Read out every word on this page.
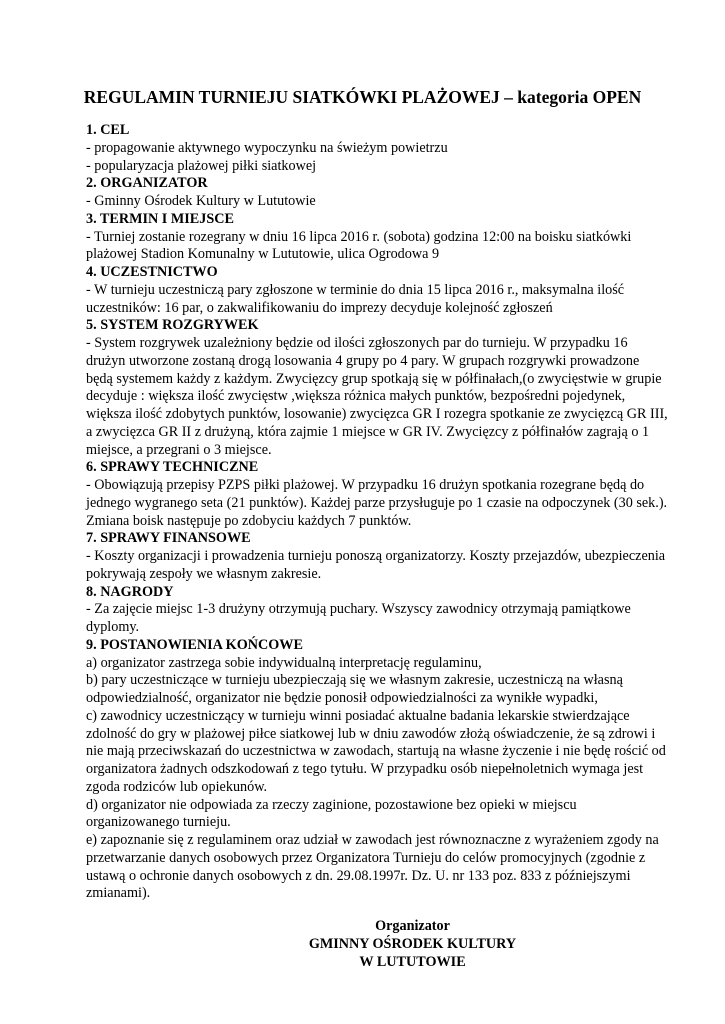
REGULAMIN TURNIEJU SIATKÓWKI PLAŻOWEJ – kategoria OPEN
1. CEL
- propagowanie aktywnego wypoczynku na świeżym powietrzu
- popularyzacja plażowej piłki siatkowej
2. ORGANIZATOR
- Gminny Ośrodek Kultury w Lututowie
3. TERMIN I MIEJSCE
- Turniej zostanie rozegrany w dniu 16 lipca 2016 r. (sobota) godzina 12:00 na boisku siatkówki
plażowej Stadion Komunalny w Lututowie, ulica Ogrodowa 9
4. UCZESTNICTWO
- W turnieju uczestniczą pary zgłoszone w terminie do dnia 15 lipca 2016 r., maksymalna ilość
uczestników: 16 par, o zakwalifikowaniu do imprezy decyduje kolejność zgłoszeń
5. SYSTEM ROZGRYWEK
- System rozgrywek uzależniony będzie od ilości zgłoszonych par do turnieju. W przypadku 16
drużyn utworzone zostaną drogą losowania 4 grupy po 4 pary. W grupach rozgrywki prowadzone
będą systemem każdy z każdym. Zwycięzcy grup spotkają się w półfinałach,(o zwycięstwie w grupie
decyduje : większa ilość zwycięstw ,większa różnica małych punktów, bezpośredni pojedynek,
większa ilość zdobytych punktów, losowanie) zwycięzca GR I rozegra spotkanie ze zwycięzcą GR III,
a zwycięzca GR II z drużyną, która zajmie 1 miejsce w GR IV. Zwycięzcy z półfinałów zagrają o 1
miejsce, a przegrani o 3 miejsce.
6. SPRAWY TECHNICZNE
- Obowiązują przepisy PZPS piłki plażowej. W przypadku 16 drużyn spotkania rozegrane będą do
jednego wygranego seta (21 punktów). Każdej parze przysługuje po 1 czasie na odpoczynek (30 sek.).
Zmiana boisk następuje po zdobyciu każdych 7 punktów.
7. SPRAWY FINANSOWE
- Koszty organizacji i prowadzenia turnieju ponoszą organizatorzy. Koszty przejazdów, ubezpieczenia
pokrywają zespoły we własnym zakresie.
8. NAGRODY
- Za zajęcie miejsc 1-3 drużyny otrzymują puchary. Wszyscy zawodnicy otrzymają pamiątkowe
dyplomy.
9. POSTANOWIENIA KOŃCOWE
a) organizator zastrzega sobie indywidualną interpretację regulaminu,
b) pary uczestniczące w turnieju ubezpieczają się we własnym zakresie, uczestniczą na własną
odpowiedzialność, organizator nie będzie ponosił odpowiedzialności za wynikłe wypadki,
c) zawodnicy uczestniczący w turnieju winni posiadać aktualne badania lekarskie stwierdzające
zdolność do gry w plażowej piłce siatkowej lub w dniu zawodów złożą oświadczenie, że są zdrowi i
nie mają przeciwskazań do uczestnictwa w zawodach, startują na własne życzenie i nie będę rościć od
organizatora żadnych odszkodowań z tego tytułu. W przypadku osób niepełnoletnich wymaga jest
zgoda rodziców lub opiekunów.
d) organizator nie odpowiada za rzeczy zaginione, pozostawione bez opieki w miejscu
organizowanego turnieju.
e) zapoznanie się z regulaminem oraz udział w zawodach jest równoznaczne z wyrażeniem zgody na
przetwarzanie danych osobowych przez Organizatora Turnieju do celów promocyjnych (zgodnie z
ustawą o ochronie danych osobowych z dn. 29.08.1997r. Dz. U. nr 133 poz. 833 z późniejszymi
zmianami).
Organizator
GMINNY OŚRODEK KULTURY
W LUTUTOWIE
